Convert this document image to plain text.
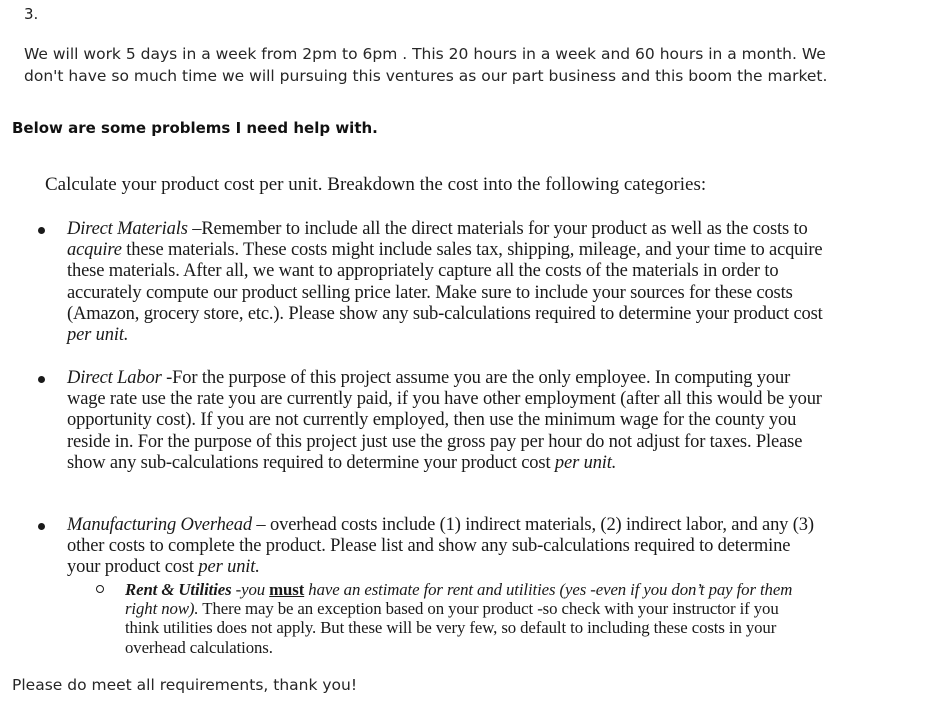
3.
We will work 5 days in a week from 2pm to 6pm . This 20 hours in a week and 60 hours in a month. We don't have so much time we will pursuing this ventures as our part business and this boom the market.
Below are some problems I need help with.
Calculate your product cost per unit. Breakdown the cost into the following categories:
Direct Materials –Remember to include all the direct materials for your product as well as the costs to acquire these materials. These costs might include sales tax, shipping, mileage, and your time to acquire these materials. After all, we want to appropriately capture all the costs of the materials in order to accurately compute our product selling price later. Make sure to include your sources for these costs (Amazon, grocery store, etc.). Please show any sub-calculations required to determine your product cost per unit.
Direct Labor -For the purpose of this project assume you are the only employee. In computing your wage rate use the rate you are currently paid, if you have other employment (after all this would be your opportunity cost). If you are not currently employed, then use the minimum wage for the county you reside in. For the purpose of this project just use the gross pay per hour do not adjust for taxes. Please show any sub-calculations required to determine your product cost per unit.
Manufacturing Overhead – overhead costs include (1) indirect materials, (2) indirect labor, and any (3) other costs to complete the product. Please list and show any sub-calculations required to determine your product cost per unit.
Rent & Utilities -you must have an estimate for rent and utilities (yes -even if you don’t pay for them right now). There may be an exception based on your product -so check with your instructor if you think utilities does not apply. But these will be very few, so default to including these costs in your overhead calculations.
Please do meet all requirements, thank you!
